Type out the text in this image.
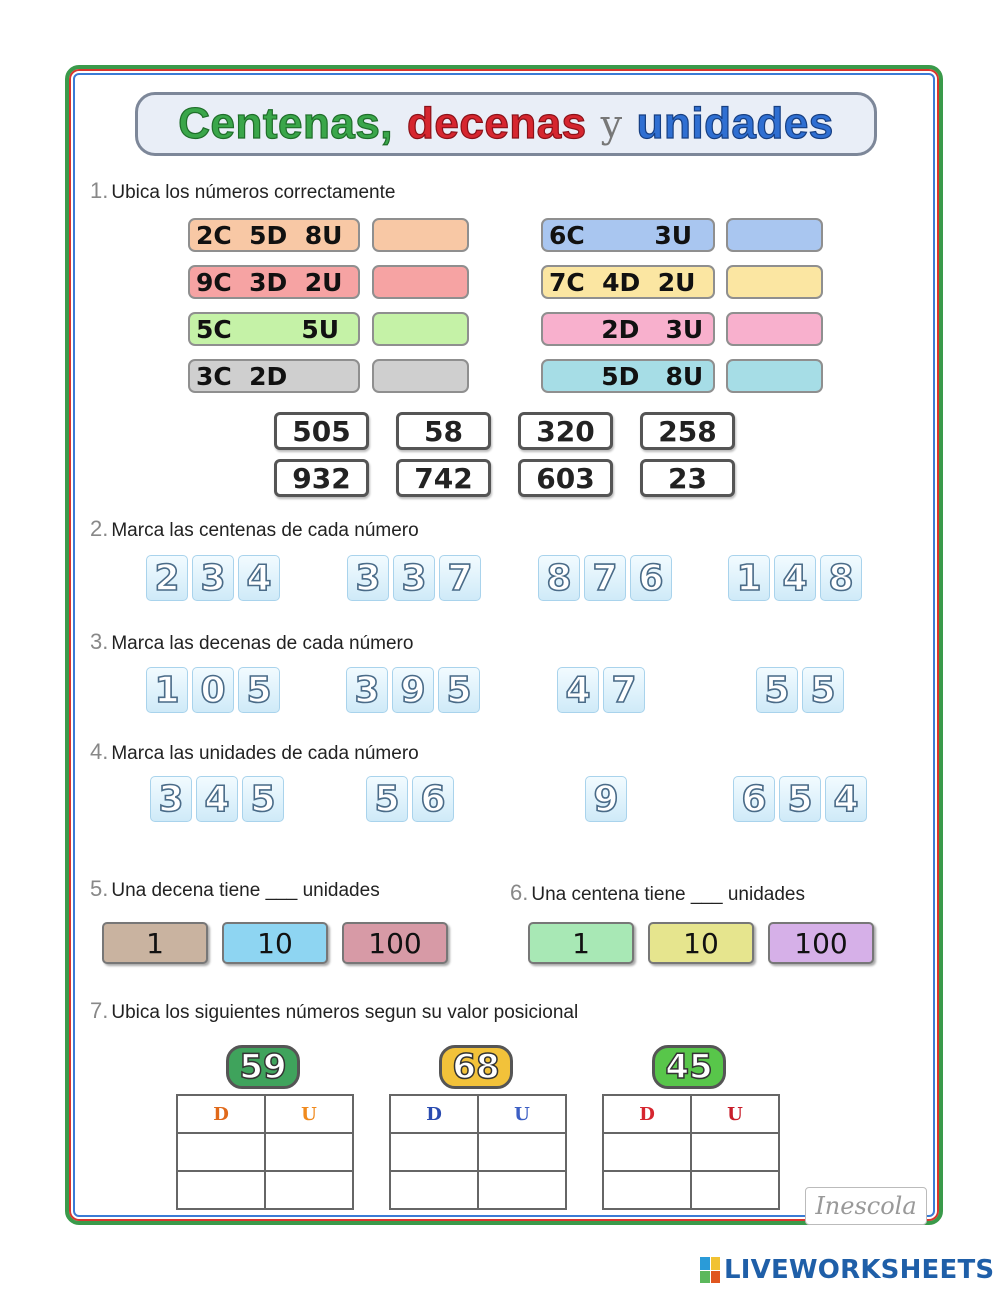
Centenas, decenas y unidades
1. Ubica los números correctamente
2C  5D  8U
9C  3D  2U
5C        5U
3C  2D
6C        3U
7C  4D  2U
2D   3U
5D   8U
505	58	320	258
932	742	603	23
2. Marca las centenas de cada número
2 3 4 3 3 7 8 7 6 1 4 8
3. Marca las decenas de cada número
1 0 5 3 9 5	4 7	5 5
4. Marca las unidades de cada número
3 4 5	5 6	9	6 5 4
5. Una decena tiene ___ unidades	6. Una centena tiene ___ unidades
1	10	100	1	10	100
7. Ubica los siguientes números segun su valor posicional
59
D	U

68
D	U

45
D	U

Inescola
LIVEWORKSHEETS
